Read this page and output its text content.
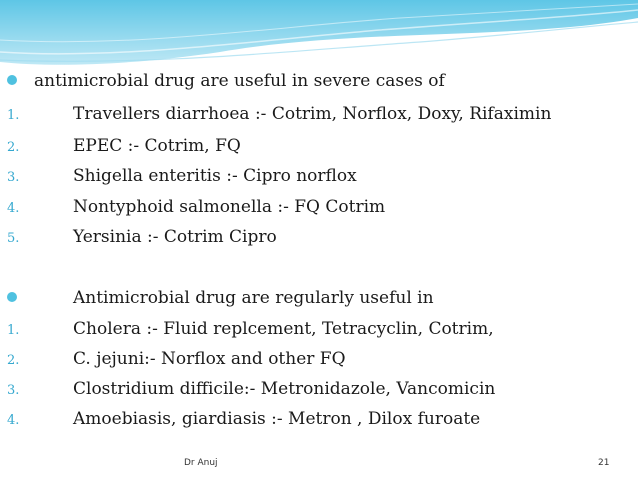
antimicrobial drug are useful in severe cases of
1.	Travellers diarrhoea :- Cotrim, Norflox, Doxy, Rifaximin
2.	EPEC :- Cotrim, FQ
3.	Shigella enteritis :- Cipro norflox
4.	Nontyphoid salmonella :- FQ Cotrim
5.	Yersinia :- Cotrim Cipro
Antimicrobial drug are regularly useful in
1.	Cholera :- Fluid replcement, Tetracyclin, Cotrim,
2.	C. jejuni:- Norflox and other FQ
3.	Clostridium difficile:- Metronidazole, Vancomicin
4.	Amoebiasis, giardiasis :- Metron , Dilox furoate
Dr Anuj	21
